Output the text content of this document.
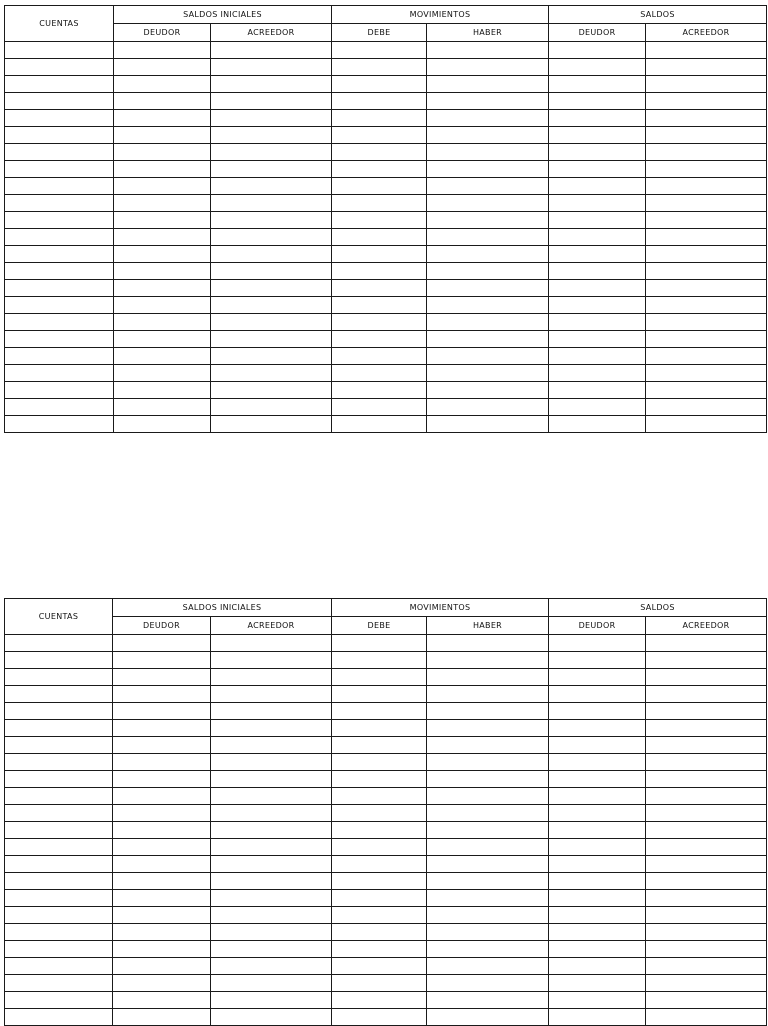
CUENTAS	SALDOS INICIALES		MOVIMIENTOS		SALDOS	
	DEUDOR	ACREEDOR	DEBE	HABER	DEUDOR	ACREEDOR

CUENTAS	SALDOS INICIALES		MOVIMIENTOS		SALDOS	
	DEUDOR	ACREEDOR	DEBE	HABER	DEUDOR	ACREEDOR
